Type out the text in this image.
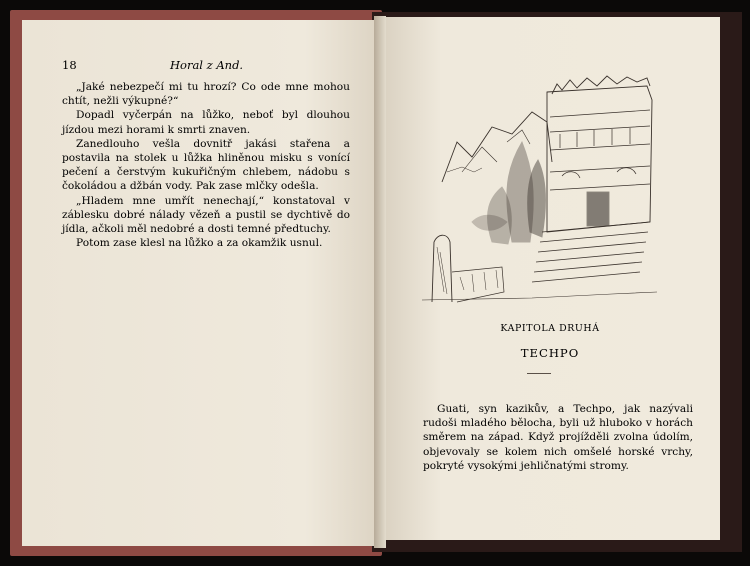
18	Horal z And.

„Jaké nebezpečí mi tu hrozí? Co ode mne mohou chtít, nežli výkupné?“

Dopadl vyčerpán na lůžko, neboť byl dlouhou jízdou mezi horami k smrti znaven.

Zanedlouho vešla dovnitř jakási stařena a postavila na stolek u lůžka hliněnou misku s vonící pečení a čerstvým kukuřičným chlebem, nádobu s čokoládou a džbán vody. Pak zase mlčky odešla.

„Hladem mne umřít nenechají,“ konstatoval v záblesku dobré nálady vězeň a pustil se dychtivě do jídla, ačkoli měl nedobré a dosti temné předtuchy.

Potom zase klesl na lůžko a za okamžik usnul.

KAPITOLA DRUHÁ
TECHPO

Guati, syn kazikův, a Techpo, jak nazývali rudoši mladého bělocha, byli už hluboko v horách směrem na západ. Když projížděli zvolna údolím, objevovaly se kolem nich omšelé horské vrchy, pokryté vysokými jehličnatými stromy.
